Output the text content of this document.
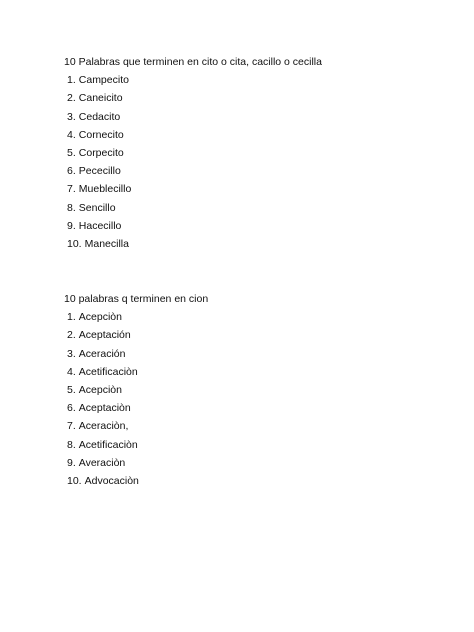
10 Palabras que terminen en cito o cita, cacillo o cecilla

1. Campecito
2. Caneicito
3. Cedacito
4. Cornecito
5. Corpecito
6. Pececillo
7. Mueblecillo
8. Sencillo
9. Hacecillo
10. Manecilla

10 palabras q terminen en cion

1. Acepciòn
2. Aceptación
3. Aceración
4. Acetificaciòn
5. Acepciòn
6. Aceptaciòn
7. Aceraciòn,
8. Acetificaciòn
9. Averaciòn
10. Advocaciòn
